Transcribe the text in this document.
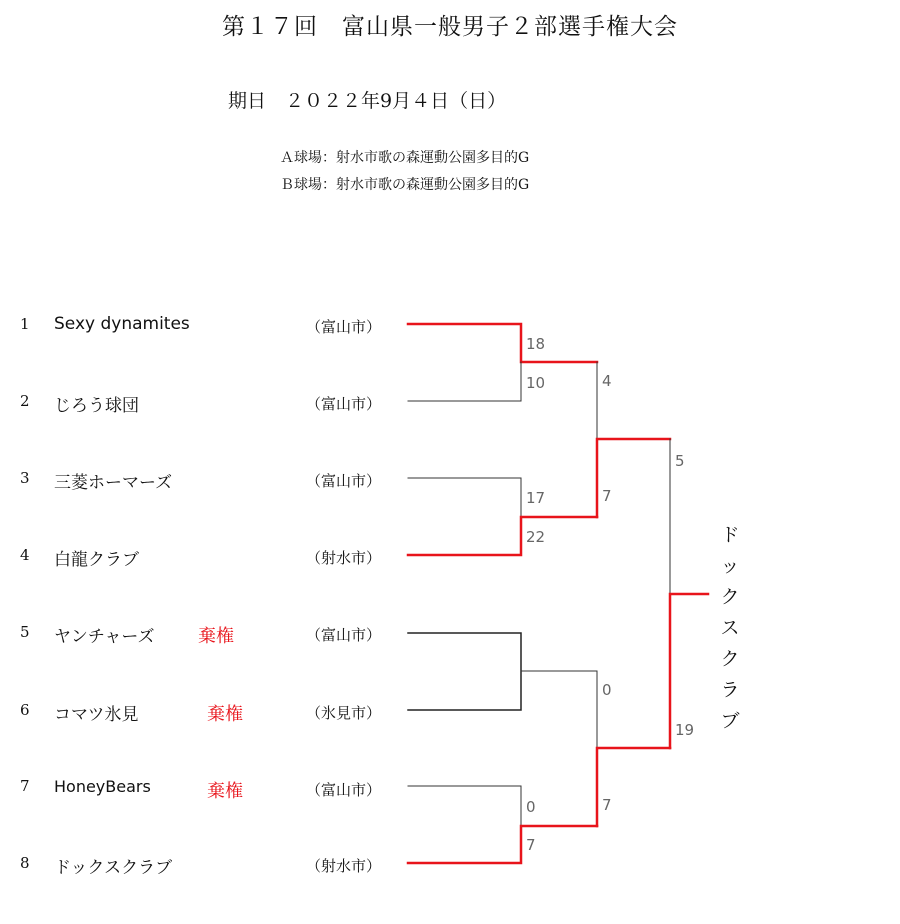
第１７回　富山県一般男子２部選手権大会
期日　２０２２年9月４日（日）
Ａ球場：射水市歌の森運動公園多目的G
Ｂ球場：射水市歌の森運動公園多目的G
1 Sexy dynamites	（富山市）
2 じろう球団	（富山市）
3 三菱ホーマーズ	（富山市）
4 白龍クラブ	（射水市）
5 ヤンチャーズ 棄権	（富山市）
6 コマツ氷見	棄権	（氷見市）
7 HoneyBears	棄権	（富山市）
8 ドックスクラブ	（射水市）
18
10
17
22
0
7
4
7
0
7
5
19
ド
ッ
ク
ス
ク
ラ
ブ
